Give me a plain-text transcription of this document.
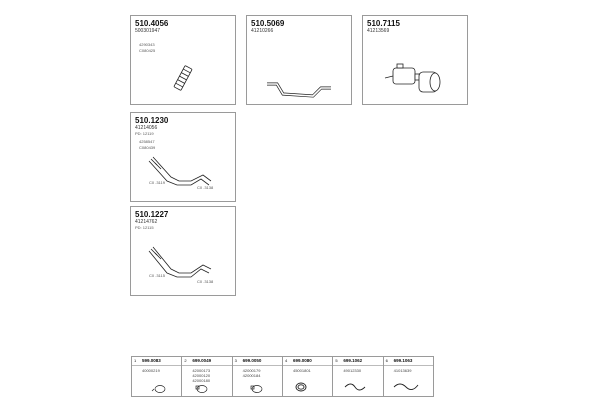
510.4056
500301947
4290343
C080425
510.5069
41210266
510.7115
41213569
510.1230
41214056
PD: 12119
4258547
C080439
C0 .3119
C0 .3138
510.1227
41214762
PD: 12115
C0 .3115
C0 .3138
1 599.0083
40000219
2 699.0049
42000173
42000120
42000180
3 699.0050
42000179
42000184
4 699.0080
45001801
5 699.1062
49012330
6 699.1063
41013639
